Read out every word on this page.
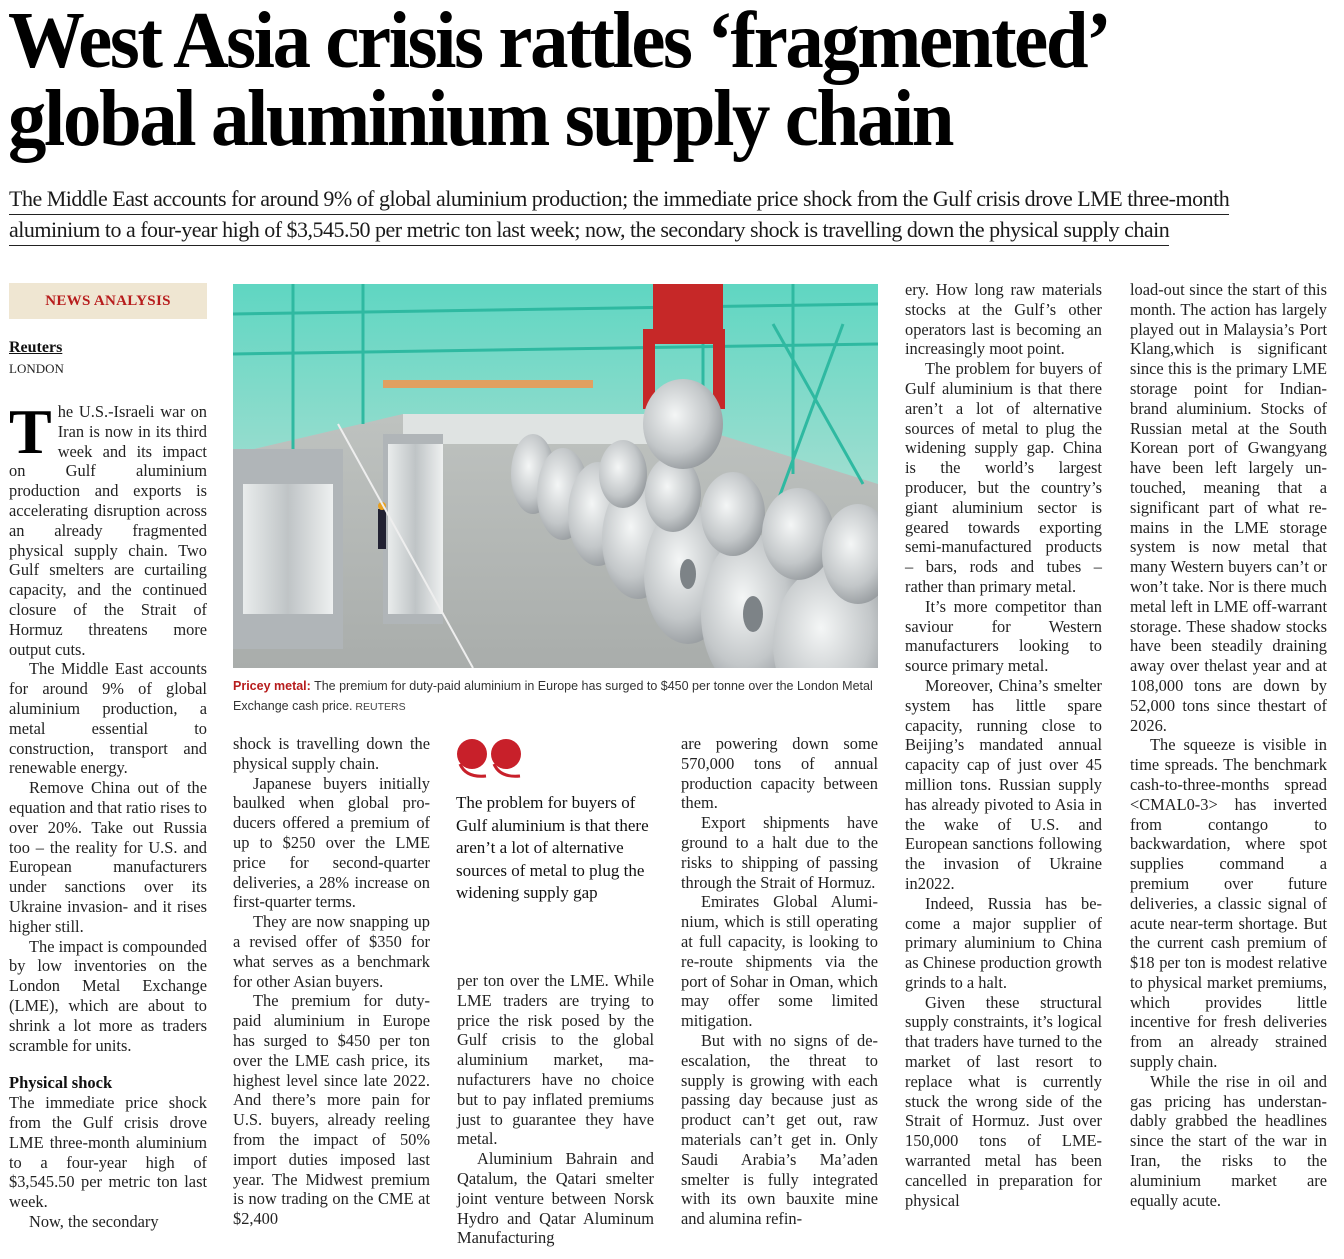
West Asia crisis rattles ‘fragmented’
global aluminium supply chain
The Middle East accounts for around 9% of global aluminium production; the immediate price shock from the Gulf crisis drove LME three-month
aluminium to a four-year high of $3,545.50 per metric ton last week; now, the secondary shock is travelling down the physical supply chain
NEWS ANALYSIS
Reuters
LONDON

The U.S.-Israeli war on Iran is now in its third week and its impact on Gulf aluminium production and exports is accelerating disruption across an already fragmented physical supply chain. Two Gulf smelters are curtailing capacity, and the continued closure of the Strait of Hormuz threatens more output cuts.

The Middle East accounts for around 9% of global aluminium production, a metal essential to construction, transport and renewable energy.

Remove China out of the equation and that ratio rises to over 20%. Take out Russia too – the reality for U.S. and European manufacturers under sanctions over its Ukraine invasion- and it rises higher still.

The impact is compounded by low inventories on the London Metal Exchange (LME), which are about to shrink a lot more as traders scramble for units.

Physical shock

The immediate price shock from the Gulf crisis drove LME three-month aluminium to a four-year high of $3,545.50 per metric ton last week.

Now, the secondary

Pricey metal: The premium for duty-paid aluminium in Europe has surged to $450 per tonne over the London Metal Exchange cash price. REUTERS

shock is travelling down the physical supply chain.

Japanese buyers initially baulked when global producers offered a premium of up to $250 over the LME price for second-quarter deliveries, a 28% increase on first-quarter terms.

They are now snapping up a revised offer of $350 for what serves as a benchmark for other Asian buyers.

The premium for duty-paid aluminium in Europe has surged to $450 per ton over the LME cash price, its highest level since late 2022. And there’s more pain for U.S. buyers, already reeling from the impact of 50% import duties imposed last year. The Midwest premium is now trading on the CME at $2,400

The problem for buyers of Gulf aluminium is that there aren’t a lot of alternative sources of metal to plug the widening supply gap

per ton over the LME. While LME traders are trying to price the risk posed by the Gulf crisis to the global aluminium market, manufacturers have no choice but to pay inflated premiums just to guarantee they have metal.

Aluminium Bahrain and Qatalum, the Qatari smelter joint venture between Norsk Hydro and Qatar Aluminum Manufacturing

are powering down some 570,000 tons of annual production capacity between them.

Export shipments have ground to a halt due to the risks to shipping of passing through the Strait of Hormuz.

Emirates Global Aluminium, which is still operating at full capacity, is looking to re-route shipments via the port of Sohar in Oman, which may offer some limited mitigation.

But with no signs of deescalation, the threat to supply is growing with each passing day because just as product can’t get out, raw materials can’t get in. Only Saudi Arabia’s Ma’aden smelter is fully integrated with its own bauxite mine and alumina refin-

ery. How long raw materials stocks at the Gulf’s other operators last is becoming an increasingly moot point.

The problem for buyers of Gulf aluminium is that there aren’t a lot of alternative sources of metal to plug the widening supply gap. China is the world’s largest producer, but the country’s giant aluminium sector is geared towards exporting semi-manufactured products – bars, rods and tubes – rather than primary metal.

It’s more competitor than saviour for Western manufacturers looking to source primary metal.

Moreover, China’s smelter system has little spare capacity, running close to Beijing’s mandated annual capacity cap of just over 45 million tons. Russian supply has already pivoted to Asia in the wake of U.S. and European sanctions following the invasion of Ukraine in2022.

Indeed, Russia has become a major supplier of primary aluminium to China as Chinese production growth grinds to a halt.

Given these structural supply constraints, it’s logical that traders have turned to the market of last resort to replace what is currently stuck the wrong side of the Strait of Hormuz. Just over 150,000 tons of LME-warranted metal has been cancelled in preparation for physical

load-out since the start of this month. The action has largely played out in Malaysia’s Port Klang,which is significant since this is the primary LME storage point for Indian-brand aluminium. Stocks of Russian metal at the South Korean port of Gwangyang have been left largely untouched, meaning that a significant part of what remains in the LME storage system is now metal that many Western buyers can’t or won’t take. Nor is there much metal left in LME off-warrant storage. These shadow stocks have been steadily draining away over thelast year and at 108,000 tons are down by 52,000 tons since thestart of 2026.

The squeeze is visible in time spreads. The benchmark cash-to-three-months spread <CMAL0-3> has inverted from contango to backwardation, where spot supplies command a premium over future deliveries, a classic signal of acute near-term shortage. But the current cash premium of $18 per ton is modest relative to physical market premiums, which provides little incentive for fresh deliveries from an already strained supply chain.

While the rise in oil and gas pricing has understandably grabbed the headlines since the start of the war in Iran, the risks to the aluminium market are equally acute.
